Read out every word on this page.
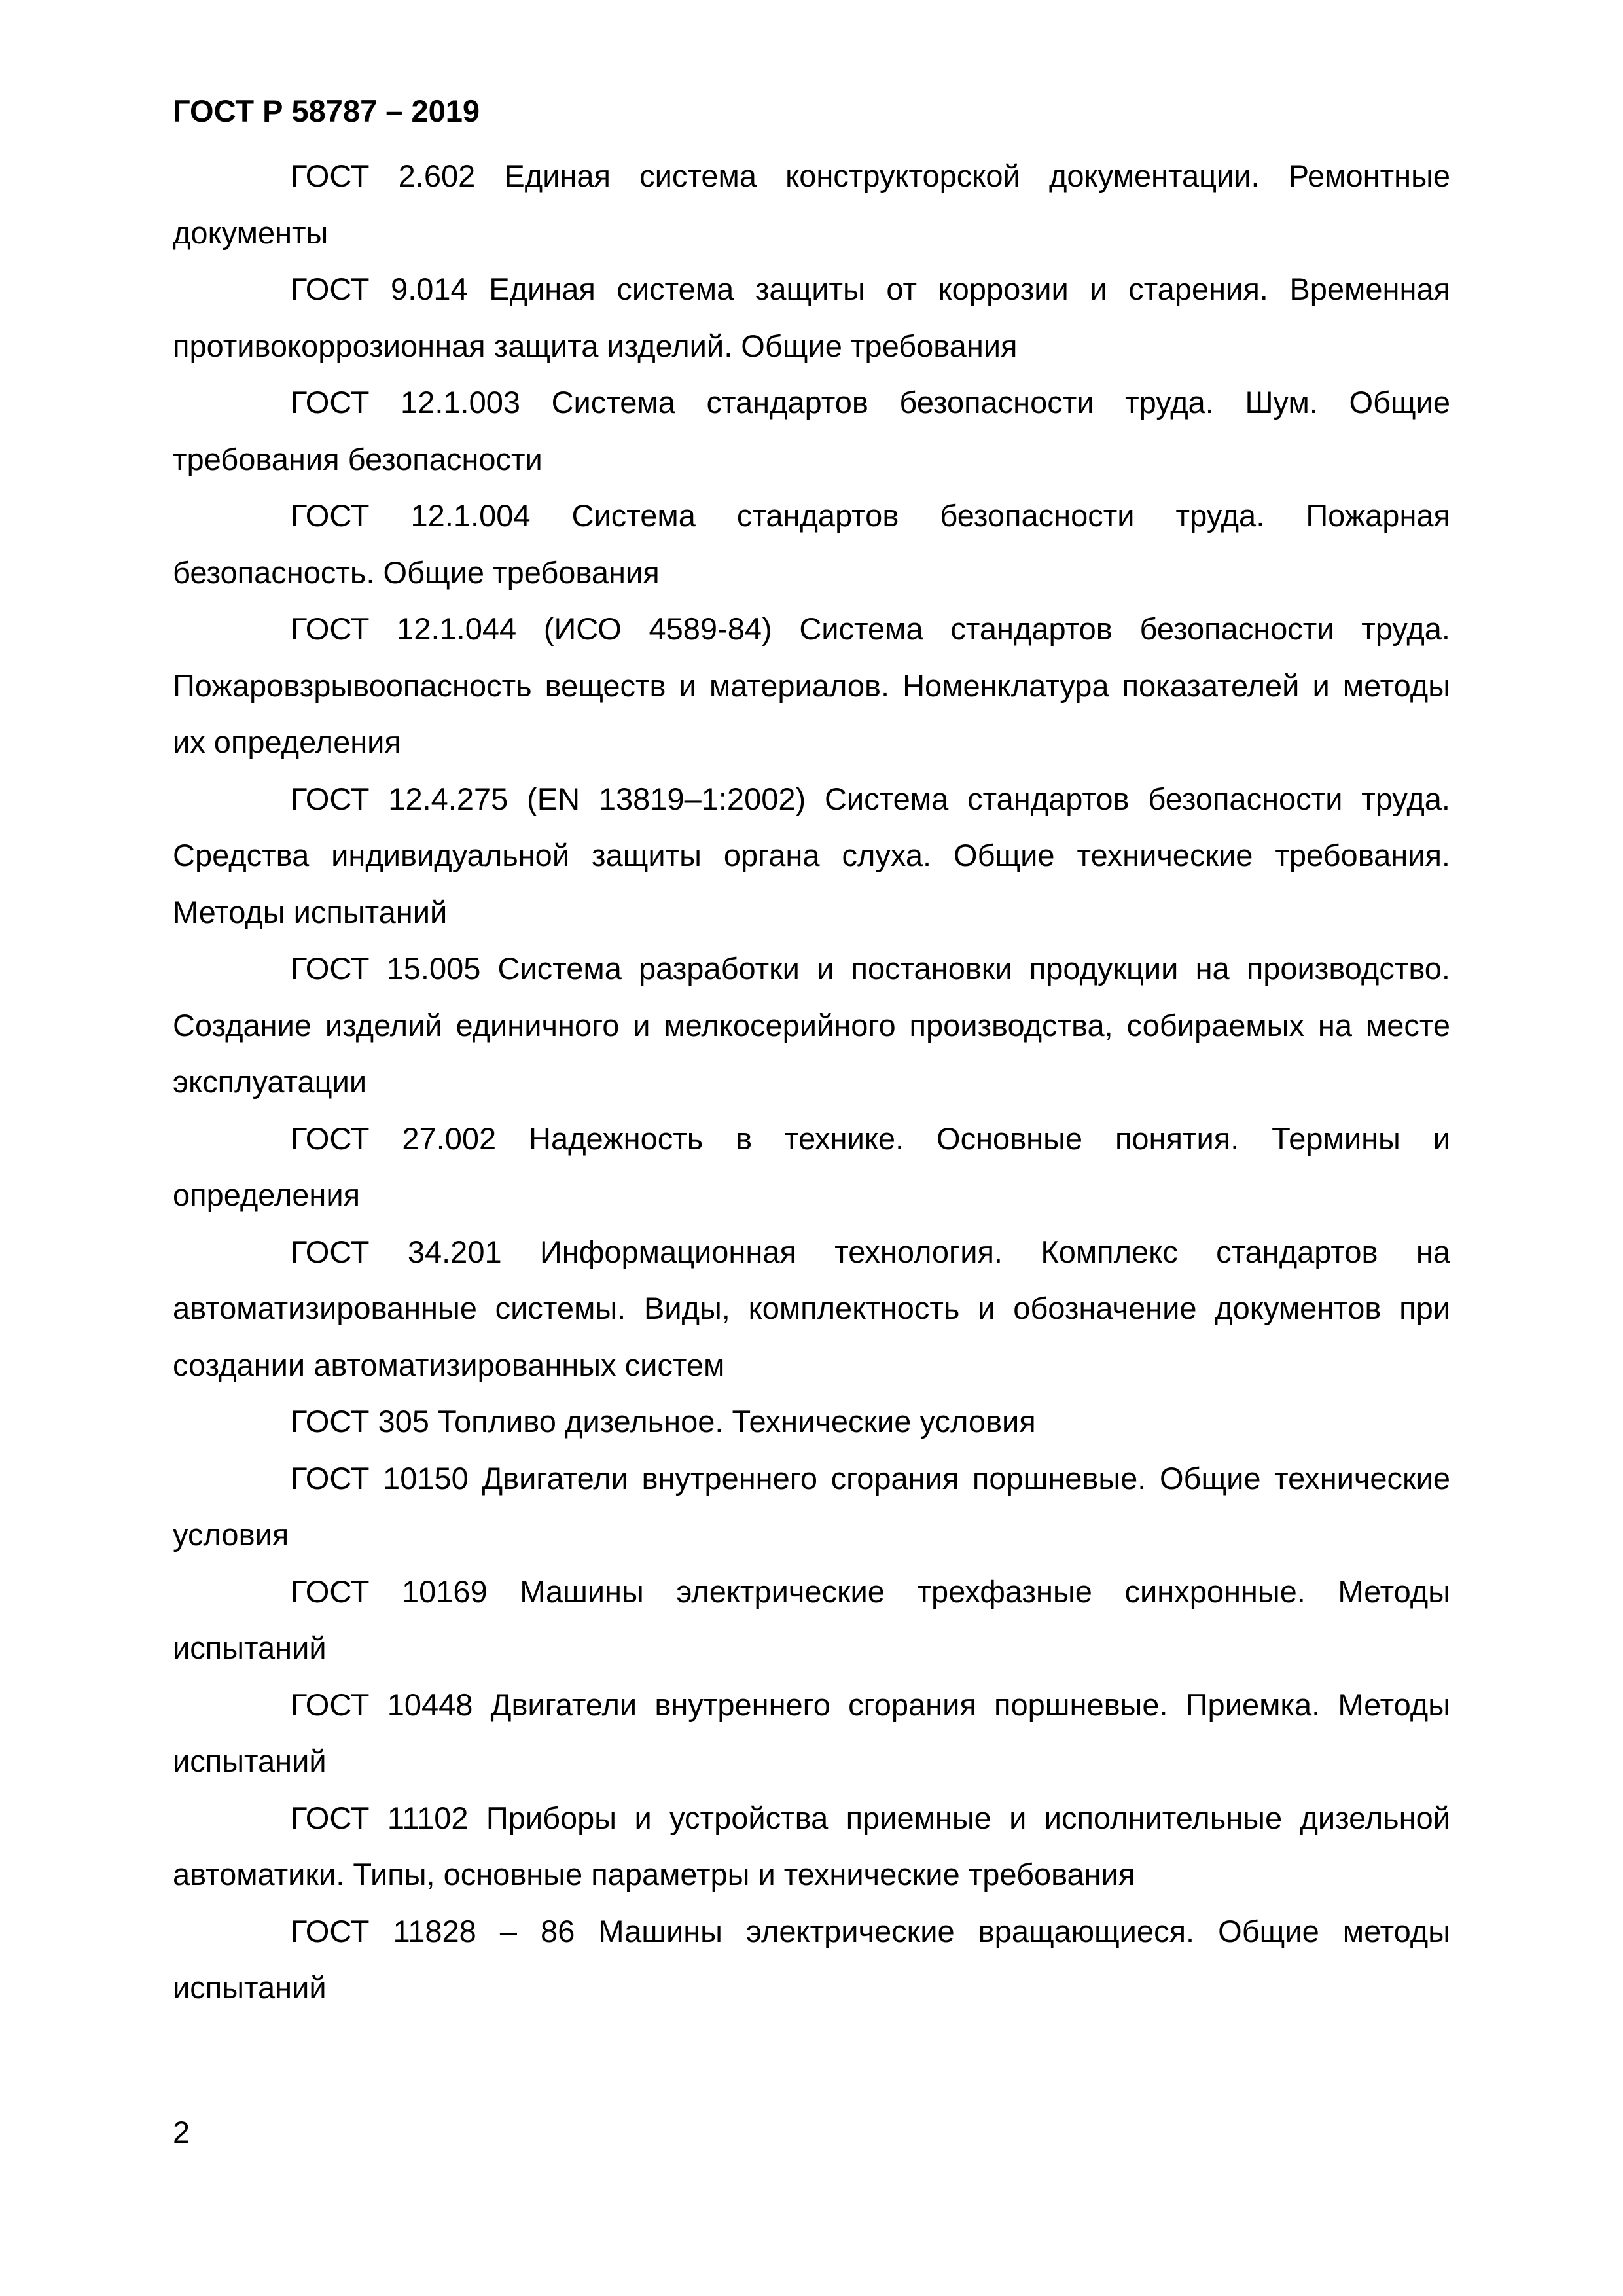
ГОСТ Р 58787 – 2019

ГОСТ 2.602 Единая система конструкторской документации. Ремонтные документы

ГОСТ 9.014 Единая система защиты от коррозии и старения. Временная противокоррозионная защита изделий. Общие требования

ГОСТ 12.1.003 Система стандартов безопасности труда. Шум. Общие требования безопасности

ГОСТ 12.1.004 Система стандартов безопасности труда. Пожарная безопасность. Общие требования

ГОСТ 12.1.044 (ИСО 4589-84) Система стандартов безопасности труда. Пожаровзрывоопасность веществ и материалов. Номенклатура показателей и методы их определения

ГОСТ 12.4.275 (EN 13819–1:2002) Система стандартов безопасности труда. Средства индивидуальной защиты органа слуха. Общие технические требования. Методы испытаний

ГОСТ 15.005 Система разработки и постановки продукции на производство. Создание изделий единичного и мелкосерийного производства, собираемых на месте эксплуатации

ГОСТ 27.002 Надежность в технике. Основные понятия. Термины и определения

ГОСТ 34.201 Информационная технология. Комплекс стандартов на автоматизированные системы. Виды, комплектность и обозначение документов при создании автоматизированных систем

ГОСТ 305 Топливо дизельное. Технические условия

ГОСТ 10150 Двигатели внутреннего сгорания поршневые. Общие технические условия

ГОСТ 10169 Машины электрические трехфазные синхронные. Методы испытаний

ГОСТ 10448 Двигатели внутреннего сгорания поршневые. Приемка. Методы испытаний

ГОСТ 11102 Приборы и устройства приемные и исполнительные дизельной автоматики. Типы, основные параметры и технические требования

ГОСТ 11828 – 86 Машины электрические вращающиеся. Общие методы испытаний

2
